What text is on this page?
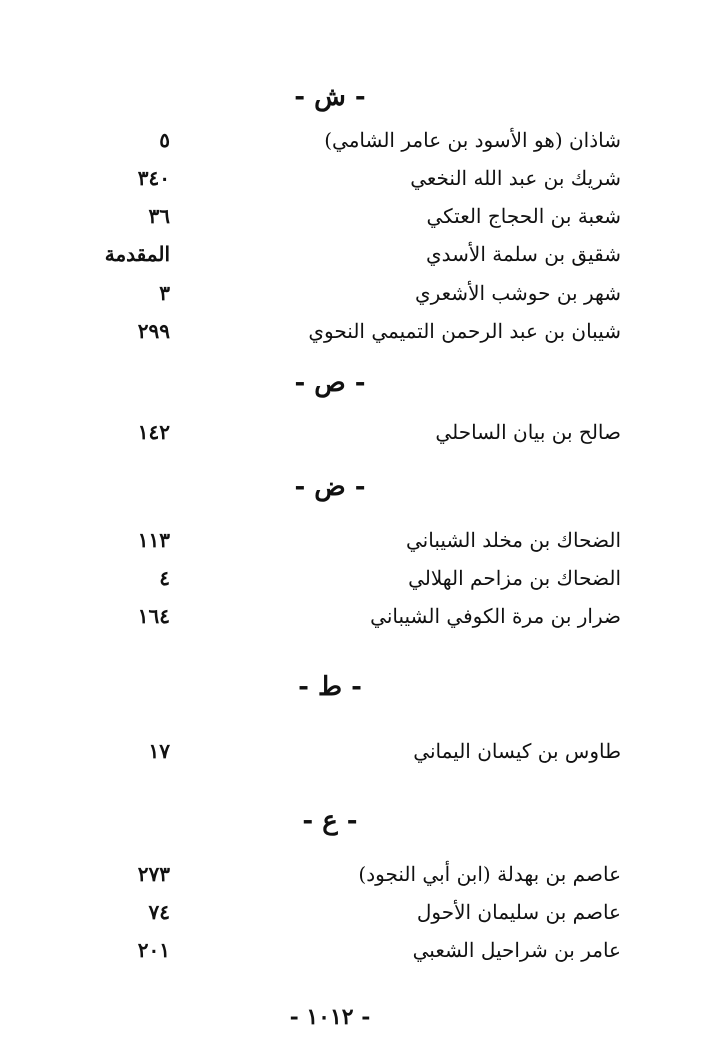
- ش -
شاذان (هو الأسود بن عامر الشامي)
٥
شريك بن عبد الله النخعي
٣٤٠
شعبة بن الحجاج العتكي
٣٦
شقيق بن سلمة الأسدي
المقدمة
شهر بن حوشب الأشعري
٣
شيبان بن عبد الرحمن التميمي النحوي
٢٩٩
- ص -
صالح بن بيان الساحلي
١٤٢
- ض -
الضحاك بن مخلد الشيباني
١١٣
الضحاك بن مزاحم الهلالي
٤
ضرار بن مرة الكوفي الشيباني
١٦٤
- ط -
طاوس بن كيسان اليماني
١٧
- ع -
عاصم بن بهدلة (ابن أبي النجود)
٢٧٣
عاصم بن سليمان الأحول
٧٤
عامر بن شراحيل الشعبي
٢٠١
- ١٠١٢ -
